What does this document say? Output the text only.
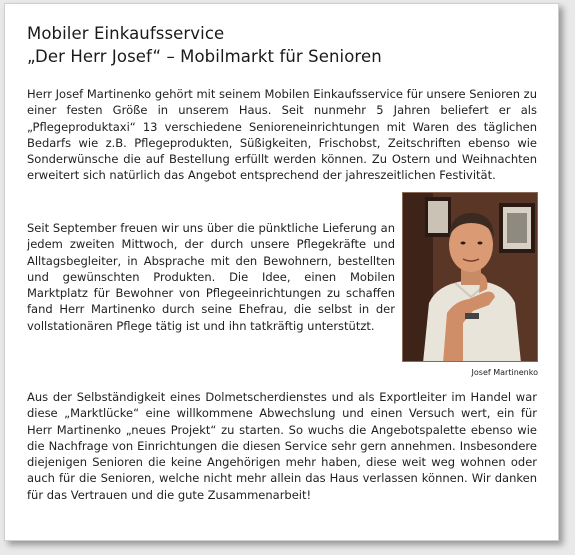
Mobiler Einkaufsservice
„Der Herr Josef“ – Mobilmarkt für Senioren

Herr Josef Martinenko gehört mit seinem Mobilen Einkaufsservice für unsere Senioren zu einer festen Größe in unserem Haus. Seit nunmehr 5 Jahren beliefert er als „Pflegeproduktaxi“ 13 verschiedene Senioreneinrichtungen mit Waren des täglichen Bedarfs wie z.B. Pflegeprodukten, Süßigkeiten, Frischobst, Zeitschriften ebenso wie Sonderwünsche die auf Bestellung erfüllt werden können. Zu Ostern und Weihnachten erweitert sich natürlich das Angebot entsprechend der jahreszeitlichen Festivität.

Seit September freuen wir uns über die pünktliche Lieferung an jedem zweiten Mittwoch, der durch unsere Pflegekräfte und Alltagsbegleiter, in Absprache mit den Bewohnern, bestellten und gewünschten Produkten. Die Idee, einen Mobilen Marktplatz für Bewohner von Pflegeeinrichtungen zu schaffen fand Herr Martinenko durch seine Ehefrau, die selbst in der vollstationären Pflege tätig ist und ihn tatkräftig unterstützt.

Josef Martinenko

Aus der Selbständigkeit eines Dolmetscherdienstes und als Exportleiter im Handel war diese „Marktlücke“ eine willkommene Abwechslung und einen Versuch wert, ein für Herr Martinenko „neues Projekt“ zu starten. So wuchs die Angebotspalette ebenso wie die Nachfrage von Einrichtungen die diesen Service sehr gern annehmen. Insbesondere diejenigen Senioren die keine Angehörigen mehr haben, diese weit weg wohnen oder auch für die Senioren, welche nicht mehr allein das Haus verlassen können. Wir danken für das Vertrauen und die gute Zusammenarbeit!
